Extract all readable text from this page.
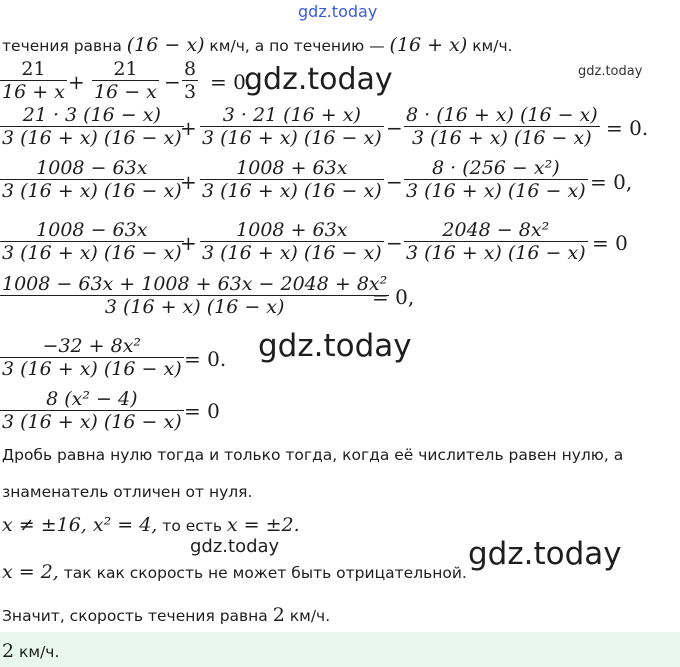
gdz.today
gdz.today
gdz.today
gdz.today
gdz.today	gdz.today
течения равна (16 − x) км/ч, а по течению — (16 + x) км/ч.
21
16 + x +
21
16 − x −
8
3 = 0.
21 · 3 (16 − x)
3 (16 + x) (16 − x)
+
3 · 21 (16 + x)
3 (16 + x) (16 − x) −
8 · (16 + x) (16 − x)
3 (16 + x) (16 − x) = 0.
1008 − 63x
3 (16 + x) (16 − x)
+
1008 + 63x
3 (16 + x) (16 − x) −
8 · (256 − x²)
3 (16 + x) (16 − x) = 0,
1008 − 63x
3 (16 + x) (16 − x)
+
1008 + 63x
3 (16 + x) (16 − x) −
2048 − 8x²
3 (16 + x) (16 − x) = 0
1008 − 63x + 1008 + 63x − 2048 + 8x²
3 (16 + x) (16 − x)	= 0,
−32 + 8x²
3 (16 + x) (16 − x) = 0.
8 (x² − 4)
3 (16 + x) (16 − x) = 0
Дробь равна нулю тогда и только тогда, когда её числитель равен нулю, а
знаменатель отличен от нуля.
x ≠ ±16, x² = 4, то есть x = ±2.
x = 2, так как скорость не может быть отрицательной.
Значит, скорость течения равна 2 км/ч.
2 км/ч.
